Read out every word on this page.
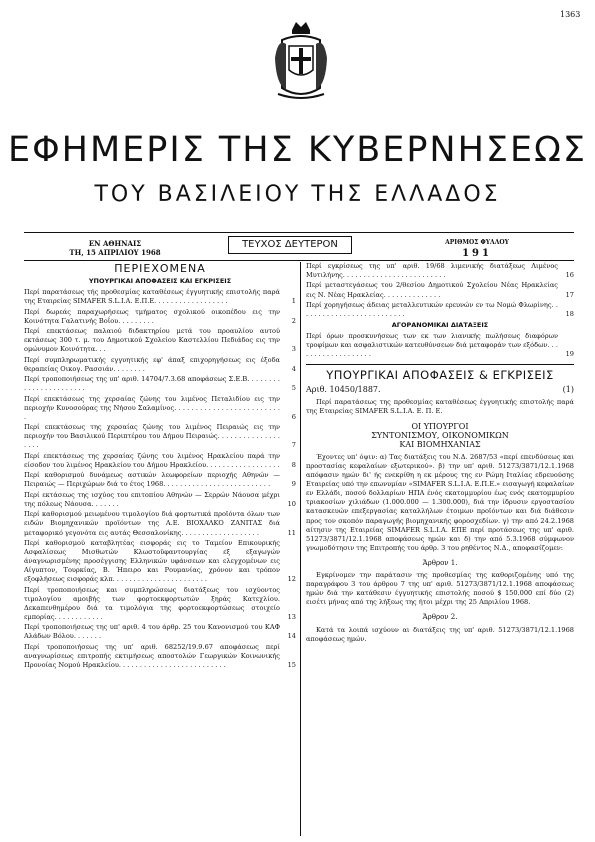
1363
ΕΦΗΜΕΡΙΣ ΤΗΣ ΚΥΒΕΡΝΗΣΕΩΣ
ΤΟΥ ΒΑΣΙΛΕΙΟΥ ΤΗΣ ΕΛΛΑΔΟΣ
ΕΝ ΑΘΗΝΑΙΣ
ΤΗ, 15 ΑΠΡΙΛΙΟΥ 1968
ΤΕΥΧΟΣ ΔΕΥΤΕΡΟΝ	ΑΡΙΘΜΟΣ ΦΥΛΛΟΥ
191
ΠΕΡΙΕΧΟΜΕΝΑ
ΥΠΟΥΡΓΙΚΑΙ ΑΠΟΦΑΣΕΙΣ ΚΑΙ ΕΓΚΡΙΣΕΙΣ
Περί παρατάσεως τής προθεσμίας καταθέσεως έγγυητικής επιστολής παρά της Εταιρείας SIMAFER S.L.I.A. Ε.Π.Ε. . . . . . . . . . . . . . . . . .	1
Περί δωρεάς παραχωρήσεως τμήματος σχολικού οικοπέδου εις την Κοινότητα Γαλατινής Βοΐου. . . . . . . . .	2
Περί επεκτάσεως παλαιού διδακτηρίου μετά του προαυλίου αυτού εκτάσεως 300 τ. μ. του Δημοτικού Σχολείου Καστελλίου Πεδιάδος εις την ομώνυμον Κοινότητα. . .	3
Περί συμπληρωματικής εγγυητικής εφ' άπαξ επιχορηγήσεως εις έξοδα θεραπείας Οικογ. Ρασσιάν. . . . . . . .	4
Περί τροποποιήσεως της υπ' αριθ. 14704/7.3.68 αποφάσεως Σ.Ε.Β. . . . . . . . . . . . . . . . . . . . . . .	5
Περί επεκτάσεως της χερσαίας ζώνης του λιμένος Πεταλιδίου εις την περιοχήν Κυνοσούρας της Νήσου Σαλαμίνος. . . . . . . . . . . . . . . . . . . . . . . . . .	6
Περί επεκτάσεως της χερσαίας ζώνης του λιμένος Πειραιώς εις την περιοχήν του Βασιλικού Περιπτέρου του Δήμου Πειραιώς. . . . . . . . . . . . . . . . . . .	7
Περί επεκτάσεως της χερσαίας ζώνης του λιμένος Ηρακλείου παρά την είσοδον του λιμένος Ηρακλείου του Δήμου Ηρακλείου. . . . . . . . . . . . . . . . . .	8
Περί καθορισμού δυνάμεως αστικών λεωφορείων περιοχής Αθηνών — Πειραιώς — Περιχώρων διά το έτος 1968. . . . . . . . . . . . . . . . . . . . . . . . . .	9
Περί εκτάσεως της ισχύος του επιτοπίου Αθηνών — Σερρών Νάουσα μέχρι της πόλεως Νάουσα. . . . . . .	10
Περί καθορισμού μειωμένου τιμολογίου διά φορτωτικά προϊόντα όλων των ειδών Βιομηχανικών προϊόντων της Α.Ε. ΒΙΟΧΑΛΚΟ ΖΑΝΙΤΑΣ διά μεταφορικό γεγονότα εις αυτάς Θεσσαλονίκης. . . . . . . . . . . . . . . . . . .	11
Περί καθορισμού καταβλητέας εισφοράς εις το Ταμείον Επικουρικής Ασφαλίσεως Μισθωτών Κλωστοϋφαντουργίας εξ εξαγωγών άναγνωρισμένης προσέγγισης Ελληνικών υφάνσεων και ελεγχομένων εις Αίγυπτον, Τουρκίας, Β. Ήπειρο και Ρουμανίας, χρόνον και τρόπον εξοφλήσεως εισφοράς κλπ. . . . . . . . . . . . . . . . . . . . . . .	12
Περί τροποποιήσεως και συμπληρώσεως διατάξεως του ισχύοντος τιμολογίου αμοιβής των φορτοεκφορτωτών ξηράς Κατεχλίου. Δεκαπενθημέρου διά τα τιμολόγια της φορτοεκφορτώσεως στοιχείο εμπορίας. . . . . . . . . . . .	13
Περί τροποποιήσεως της υπ' αριθ. 4 του άρθρ. 25 του Κανονισμού του ΚΑΦ Αλάδων Βόλου. . . . . . .	14
Περί τροποποιήσεως της υπ' αριθ. 68252/19.9.67 αποφάσεως περί αναγνωρίσεως επιτροπής εκτιμήσεως αποστολών Γεωργικών Κοινωνικής Προνοίας Νομού Ηρακλείου. . . . . . . . . . . . . . . . . . . . . . . . . .	15
Περί εγκρίσεως της υπ' αριθ. 19/68 λιμενικής διατάξεως Λιμένος Μυτιλήνης. . . . . . . . . . . . . . . . . . . . . . . . .	16
Περί μεταστεγάσεως του 2/θεσίου Δημοτικού Σχολείου Νέας Ηρακλείας εις Ν. Νέας Ηρακλείας. . . . . . . . . . . . . .	17
Περί χορηγήσεως άδειας μεταλλευτικών ερευνών εν τω Νομώ Φλωρίνης. . . . . . . . . . . . . . . . . . . . . . . . . .	18
ΑΓΟΡΑΝΟΜΙΚΑΙ ΔΙΑΤΑΞΕΙΣ
Περί όρων προσκυνήσεως των εκ των λιανικής πωλήσεως διαφόρων τροφίμων και ασφαλιστικών κατευθύνσεων διά μεταφοράν των εξόδων. . . . . . . . . . . . . . . . . . .	19
ΥΠΟΥΡΓΙΚΑΙ ΑΠΟΦΑΣΕΙΣ & ΕΓΚΡΙΣΕΙΣ
Αριθ. 10450/1887.	(1)

Περί παρατάσεως της προθεσμίας καταθέσεως έγγυητικής επιστολής παρά της Εταιρείας SIMAFER S.L.I.A. Ε. Π. Ε.

ΟΙ ΥΠΟΥΡΓΟΙ
ΣΥΝΤΟΝΙΣΜΟΥ, ΟΙΚΟΝΟΜΙΚΩΝ
ΚΑΙ ΒΙΟΜΗΧΑΝΙΑΣ

Έχοντες υπ' όψιν: α) Τας διατάξεις του Ν.Δ. 2687/53 «περί επενδύσεως και προστασίας κεφαλαίων εξωτερικού». β) την υπ' αριθ. 51273/3871/12.1.1968 απόφασιν ημών δι' ής ενεκρίθη η εκ μέρους της εν Ρώμη Ιταλίας εδρευούσης Εταιρείας υπό την επωνυμίαν «SIMAFER S.L.I.A. Ε.Π.Ε.» εισαγωγή κεφαλαίων εν Ελλάδι, ποσού δολλαρίων ΗΠΑ ένός εκατομμυρίου έως ενός εκατομμυρίου τριακοσίων χιλιάδων (1.000.000 — 1.300.000), διά την ίδρυσιν εργοστασίου κατασκευών επεξεργασίας καταλλήλων έτοιμων προϊόντων και διά διάθεσιν προς τον σκοπόν παραγωγής βιομηχανικής φοροσχεδίων. γ) την από 24.2.1968 αίτησιν της Εταιρείας SIMAFER S.L.I.A. ΕΠΕ περί προτάσεως της υπ' αριθ. 51273/3871/12.1.1968 αποφάσεως ημών και δ) την από 5.3.1968 σύμφωνον γνωμοδότησιν της Επιτροπής του άρθρ. 3 του ρηθέντος Ν.Δ., αποφασίζομεν:

Άρθρον 1.

Εγκρίνομεν την παράτασιν της προθεσμίας της καθοριζομένης υπό της παραγράφου 3 του άρθρου 7 της υπ' αριθ. 51273/3871/12.1.1968 αποφάσεως ημών διά την κατάθεσιν έγγυητικής επιστολής ποσού $ 150.000 επί δύο (2) εισέτι μήνας από της λήξεως της ήτοι μέχρι της 25 Απριλίου 1968.

Άρθρον 2.

Κατά τα λοιπά ισχύουν αι διατάξεις της υπ' αριθ. 51273/3871/12.1.1968 αποφάσεως ημών.
